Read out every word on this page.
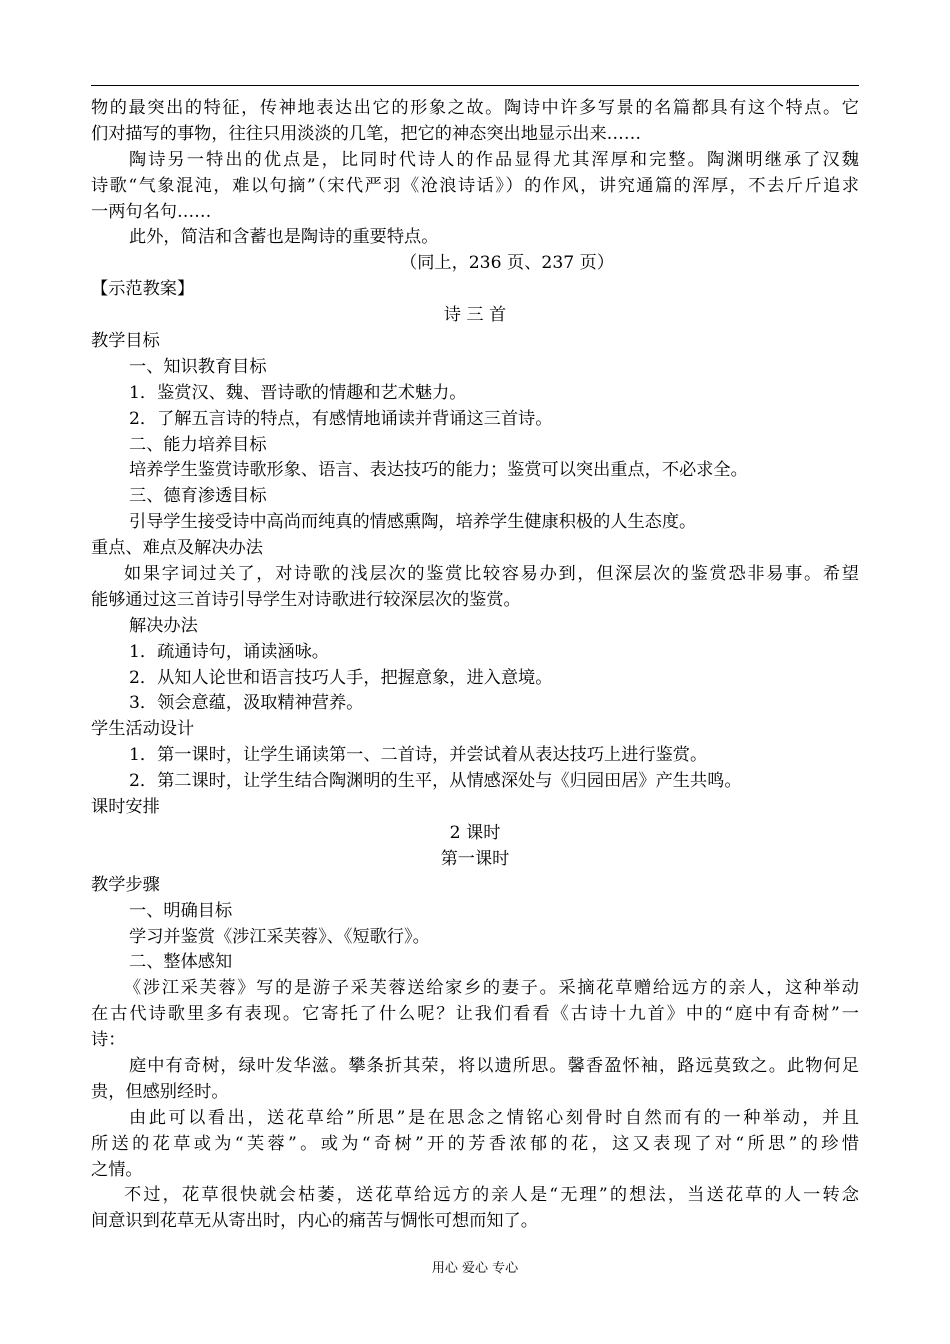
物的最突出的特征，传神地表达出它的形象之故。陶诗中许多写景的名篇都具有这个特点。它
们对描写的事物，往往只用淡淡的几笔，把它的神态突出地显示出来……
陶诗另一特出的优点是，比同时代诗人的作品显得尤其浑厚和完整。陶渊明继承了汉魏
诗歌“气象混沌，难以句摘”（宋代严羽《沧浪诗话》）的作风，讲究通篇的浑厚，不去斤斤追求
一两句名句……
此外，简洁和含蓄也是陶诗的重要特点。
（同上，236 页、237 页）
【示范教案】
诗 三 首
教学目标
一、知识教育目标
1．鉴赏汉、魏、晋诗歌的情趣和艺术魅力。
2．了解五言诗的特点，有感情地诵读并背诵这三首诗。
二、能力培养目标
培养学生鉴赏诗歌形象、语言、表达技巧的能力；鉴赏可以突出重点，不必求全。
三、德育渗透目标
引导学生接受诗中高尚而纯真的情感熏陶，培养学生健康积极的人生态度。
重点、难点及解决办法
如果字词过关了，对诗歌的浅层次的鉴赏比较容易办到，但深层次的鉴赏恐非易事。希望
能够通过这三首诗引导学生对诗歌进行较深层次的鉴赏。
解决办法
1．疏通诗句，诵读涵咏。
2．从知人论世和语言技巧人手，把握意象，进入意境。
3．领会意蕴，汲取精神营养。
学生活动设计
1．第一课时，让学生诵读第一、二首诗，并尝试着从表达技巧上进行鉴赏。
2．第二课时，让学生结合陶渊明的生平，从情感深处与《归园田居》产生共鸣。
课时安排
2 课时
第一课时
教学步骤
一、明确目标
学习并鉴赏《涉江采芙蓉》、《短歌行》。
二、整体感知
《涉江采芙蓉》写的是游子采芙蓉送给家乡的妻子。采摘花草赠给远方的亲人，这种举动
在古代诗歌里多有表现。它寄托了什么呢？让我们看看《古诗十九首》中的“庭中有奇树”一
诗：
庭中有奇树，绿叶发华滋。攀条折其荣，将以遗所思。馨香盈怀袖，路远莫致之。此物何足
贵，但感别经时。
由此可以看出，送花草给”所思”是在思念之情铭心刻骨时自然而有的一种举动，并且
所送的花草或为“芙蓉”。或为“奇树”开的芳香浓郁的花，这又表现了对“所思”的珍惜
之情。
不过，花草很快就会枯萎，送花草给远方的亲人是“无理”的想法，当送花草的人一转念
间意识到花草无从寄出时，内心的痛苦与惆怅可想而知了。
用心 爱心 专心
